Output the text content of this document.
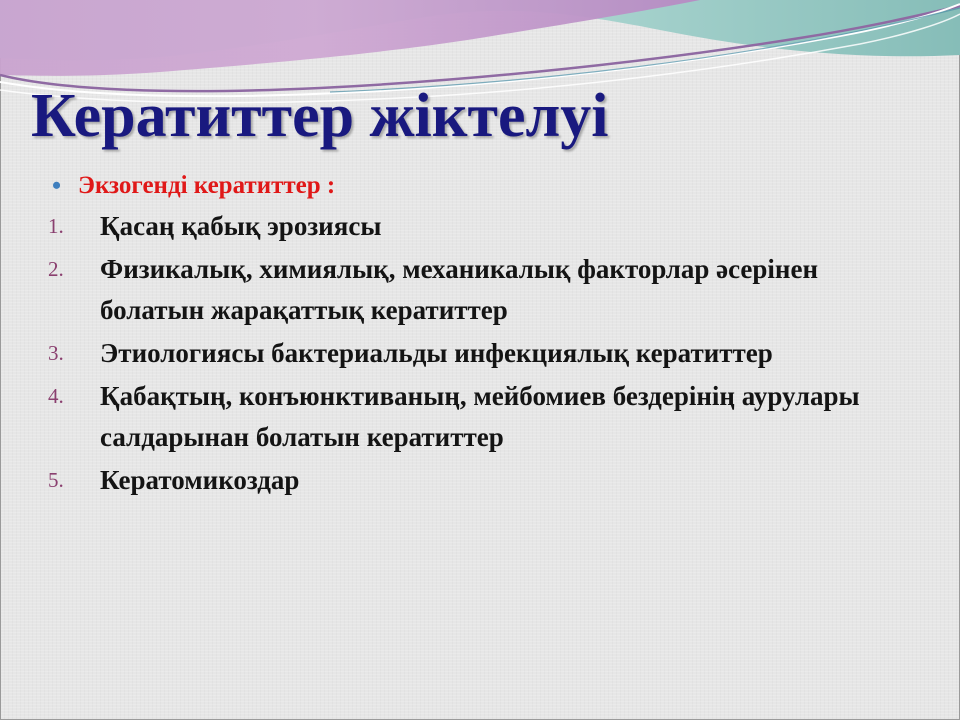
Кератиттер жіктелуі
• Экзогенді кератиттер :
1.	Қасаң қабық эрозиясы
2.	Физикалық, химиялық, механикалық факторлар әсерінен болатын жарақаттық кератиттер
3.	Этиологиясы бактериальды инфекциялық кератиттер
4.	Қабақтың, конъюнктиваның, мейбомиев бездерінің аурулары салдарынан болатын кератиттер
5.	Кератомикоздар
